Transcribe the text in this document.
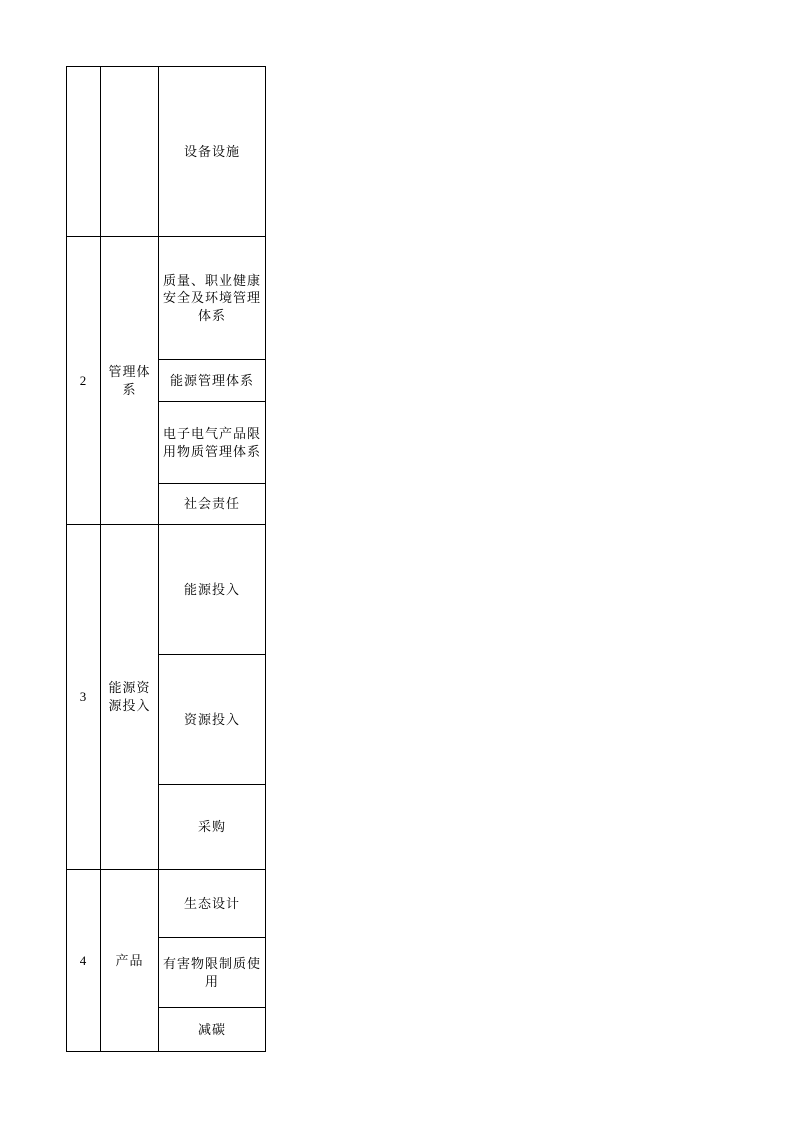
		设备设施
2	管理体系	质量、职业健康安全及环境管理体系
		能源管理体系
		电子电气产品限用物质管理体系
		社会责任
3	能源资源投入	能源投入
		资源投入
		采购
4	产品	生态设计
		有害物限制质使用
		减碳
